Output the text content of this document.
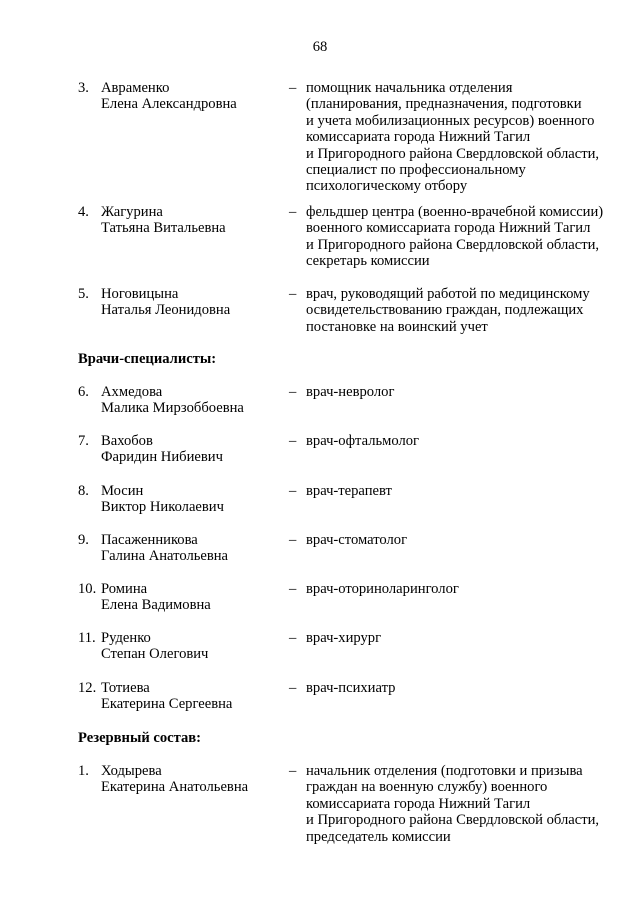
68
3. Авраменко
Елена Александровна
– помощник начальника отделения
(планирования, предназначения, подготовки
и учета мобилизационных ресурсов) военного
комиссариата города Нижний Тагил
и Пригородного района Свердловской области,
специалист по профессиональному
психологическому отбору
4. Жагурина
Татьяна Витальевна
– фельдшер центра (военно-врачебной комиссии)
военного комиссариата города Нижний Тагил
и Пригородного района Свердловской области,
секретарь комиссии
5. Ноговицына
Наталья Леонидовна
– врач, руководящий работой по медицинскому
освидетельствованию граждан, подлежащих
постановке на воинский учет
Врачи-специалисты:
6. Ахмедова
Малика Мирзоббоевна
– врач-невролог
7. Вахобов
Фаридин Нибиевич
– врач-офтальмолог
8. Мосин
Виктор Николаевич
– врач-терапевт
9. Пасаженникова
Галина Анатольевна
– врач-стоматолог
10. Ромина
Елена Вадимовна
– врач-оториноларинголог
11. Руденко
Степан Олегович
– врач-хирург
12. Тотиева
Екатерина Сергеевна
– врач-психиатр
Резервный состав:
1. Ходырева
Екатерина Анатольевна
– начальник отделения (подготовки и призыва
граждан на военную службу) военного
комиссариата города Нижний Тагил
и Пригородного района Свердловской области,
председатель комиссии
